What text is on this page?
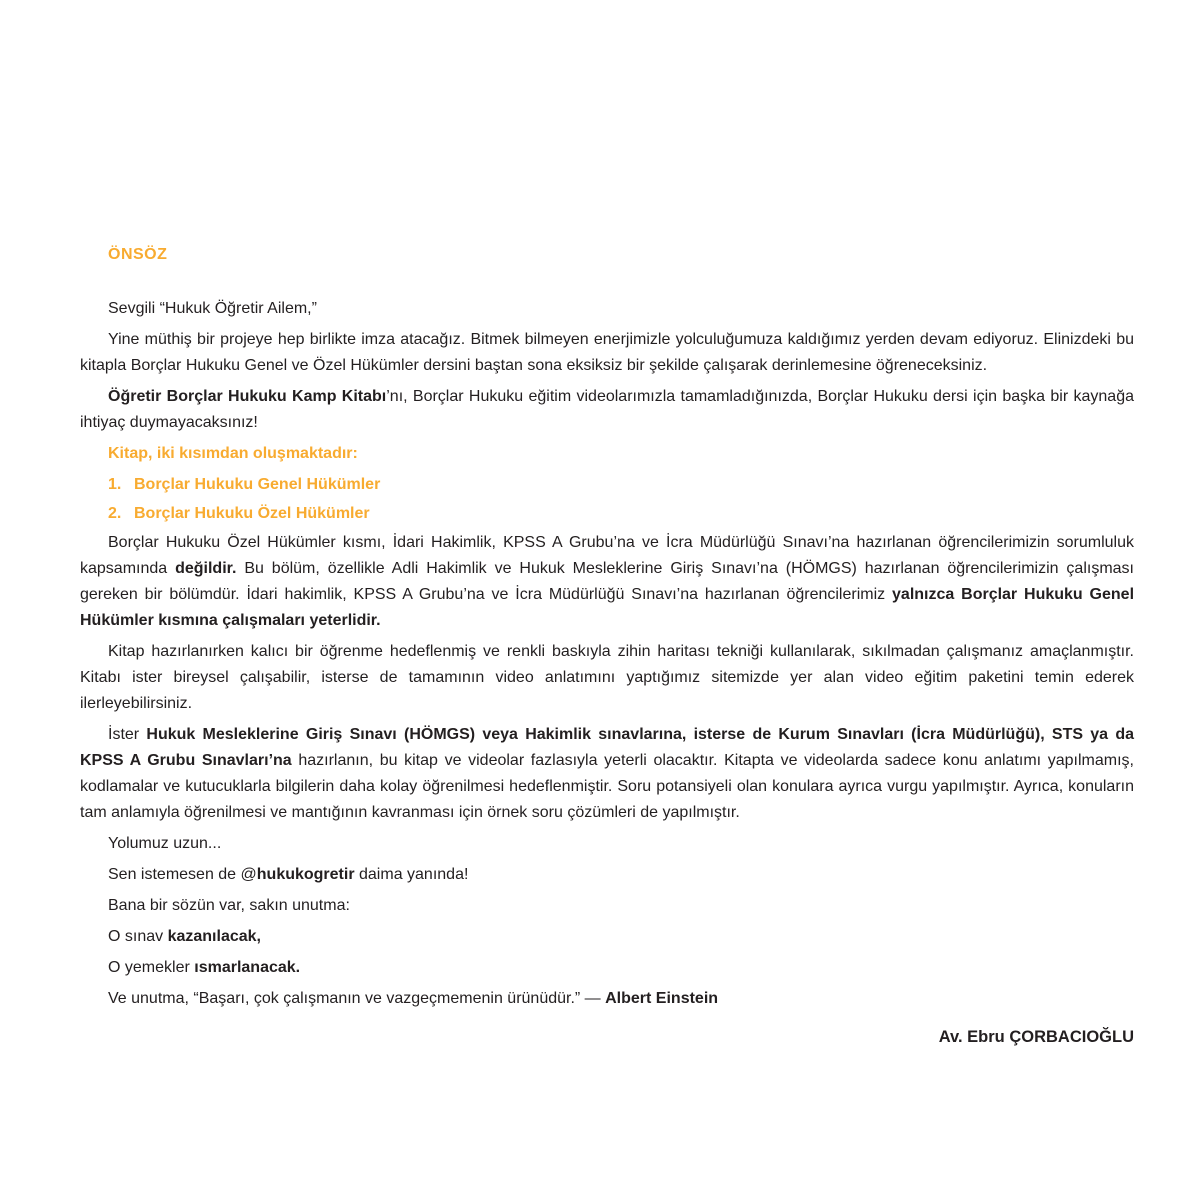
ÖNSÖZ

Sevgili “Hukuk Öğretir Ailem,”

Yine müthiş bir projeye hep birlikte imza atacağız. Bitmek bilmeyen enerjimizle yolculuğumuza kaldığımız yerden devam ediyoruz. Elinizdeki bu kitapla Borçlar Hukuku Genel ve Özel Hükümler dersini baştan sona eksiksiz bir şekilde çalışarak derinlemesine öğreneceksiniz.

Öğretir Borçlar Hukuku Kamp Kitabı’nı, Borçlar Hukuku eğitim videolarımızla tamamladığınızda, Borçlar Hukuku dersi için başka bir kaynağa ihtiyaç duymayacaksınız!

Kitap, iki kısımdan oluşmaktadır:

1. Borçlar Hukuku Genel Hükümler

2. Borçlar Hukuku Özel Hükümler

Borçlar Hukuku Özel Hükümler kısmı, İdari Hakimlik, KPSS A Grubu’na ve İcra Müdürlüğü Sınavı’na hazırlanan öğrencilerimizin sorumluluk kapsamında değildir. Bu bölüm, özellikle Adli Hakimlik ve Hukuk Mesleklerine Giriş Sınavı’na (HÖMGS) hazırlanan öğrencilerimizin çalışması gereken bir bölümdür. İdari hakimlik, KPSS A Grubu’na ve İcra Müdürlüğü Sınavı’na hazırlanan öğrencilerimiz yalnızca Borçlar Hukuku Genel Hükümler kısmına çalışmaları yeterlidir.

Kitap hazırlanırken kalıcı bir öğrenme hedeflenmiş ve renkli baskıyla zihin haritası tekniği kullanılarak, sıkılmadan çalışmanız amaçlanmıştır. Kitabı ister bireysel çalışabilir, isterse de tamamının video anlatımını yaptığımız sitemizde yer alan video eğitim paketini temin ederek ilerleyebilirsiniz.

İster Hukuk Mesleklerine Giriş Sınavı (HÖMGS) veya Hakimlik sınavlarına, isterse de Kurum Sınavları (İcra Müdürlüğü), STS ya da KPSS A Grubu Sınavları’na hazırlanın, bu kitap ve videolar fazlasıyla yeterli olacaktır. Kitapta ve videolarda sadece konu anlatımı yapılmamış, kodlamalar ve kutucuklarla bilgilerin daha kolay öğrenilmesi hedeflenmiştir. Soru potansiyeli olan konulara ayrıca vurgu yapılmıştır. Ayrıca, konuların tam anlamıyla öğrenilmesi ve mantığının kavranması için örnek soru çözümleri de yapılmıştır.

Yolumuz uzun...

Sen istemesen de @hukukogretir daima yanında!

Bana bir sözün var, sakın unutma:

O sınav kazanılacak,

O yemekler ısmarlanacak.

Ve unutma, “Başarı, çok çalışmanın ve vazgeçmemenin ürünüdür.” — Albert Einstein

Av. Ebru ÇORBACIOĞLU
